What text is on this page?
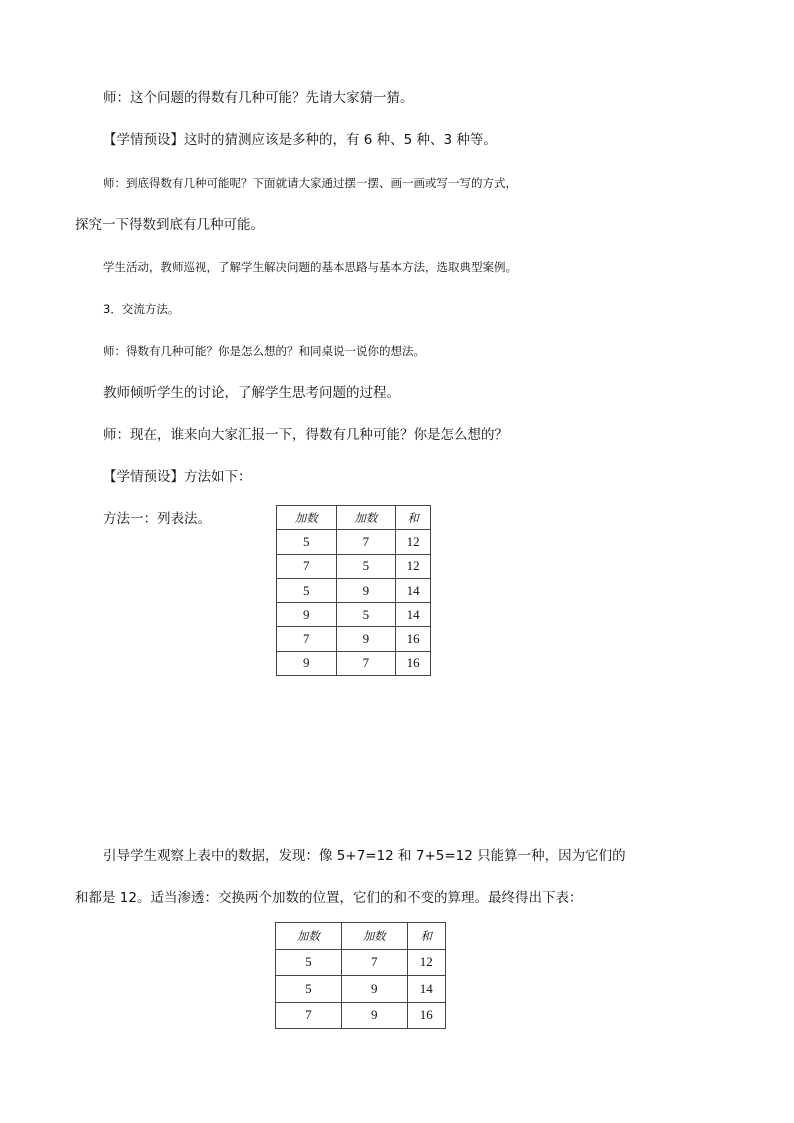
师：这个问题的得数有几种可能？先请大家猜一猜。

【学情预设】这时的猜测应该是多种的，有 6 种、5 种、3 种等。

师：到底得数有几种可能呢？下面就请大家通过摆一摆、画一画或写一写的方式，

探究一下得数到底有几种可能。

学生活动，教师巡视，了解学生解决问题的基本思路与基本方法，选取典型案例。

3．交流方法。

师：得数有几种可能？你是怎么想的？和同桌说一说你的想法。

教师倾听学生的讨论，了解学生思考问题的过程。

师：现在，谁来向大家汇报一下，得数有几种可能？你是怎么想的？

【学情预设】方法如下：

方法一：列表法。	加数	加数	和
5	7	12
7	5	12
5	9	14
9	5	14
7	9	16
9	7	16

引导学生观察上表中的数据，发现：像 5+7=12 和 7+5=12 只能算一种，因为它们的

和都是 12。适当渗透：交换两个加数的位置，它们的和不变的算理。最终得出下表：

加数	加数	和
5	7	12
5	9	14
7	9	16
